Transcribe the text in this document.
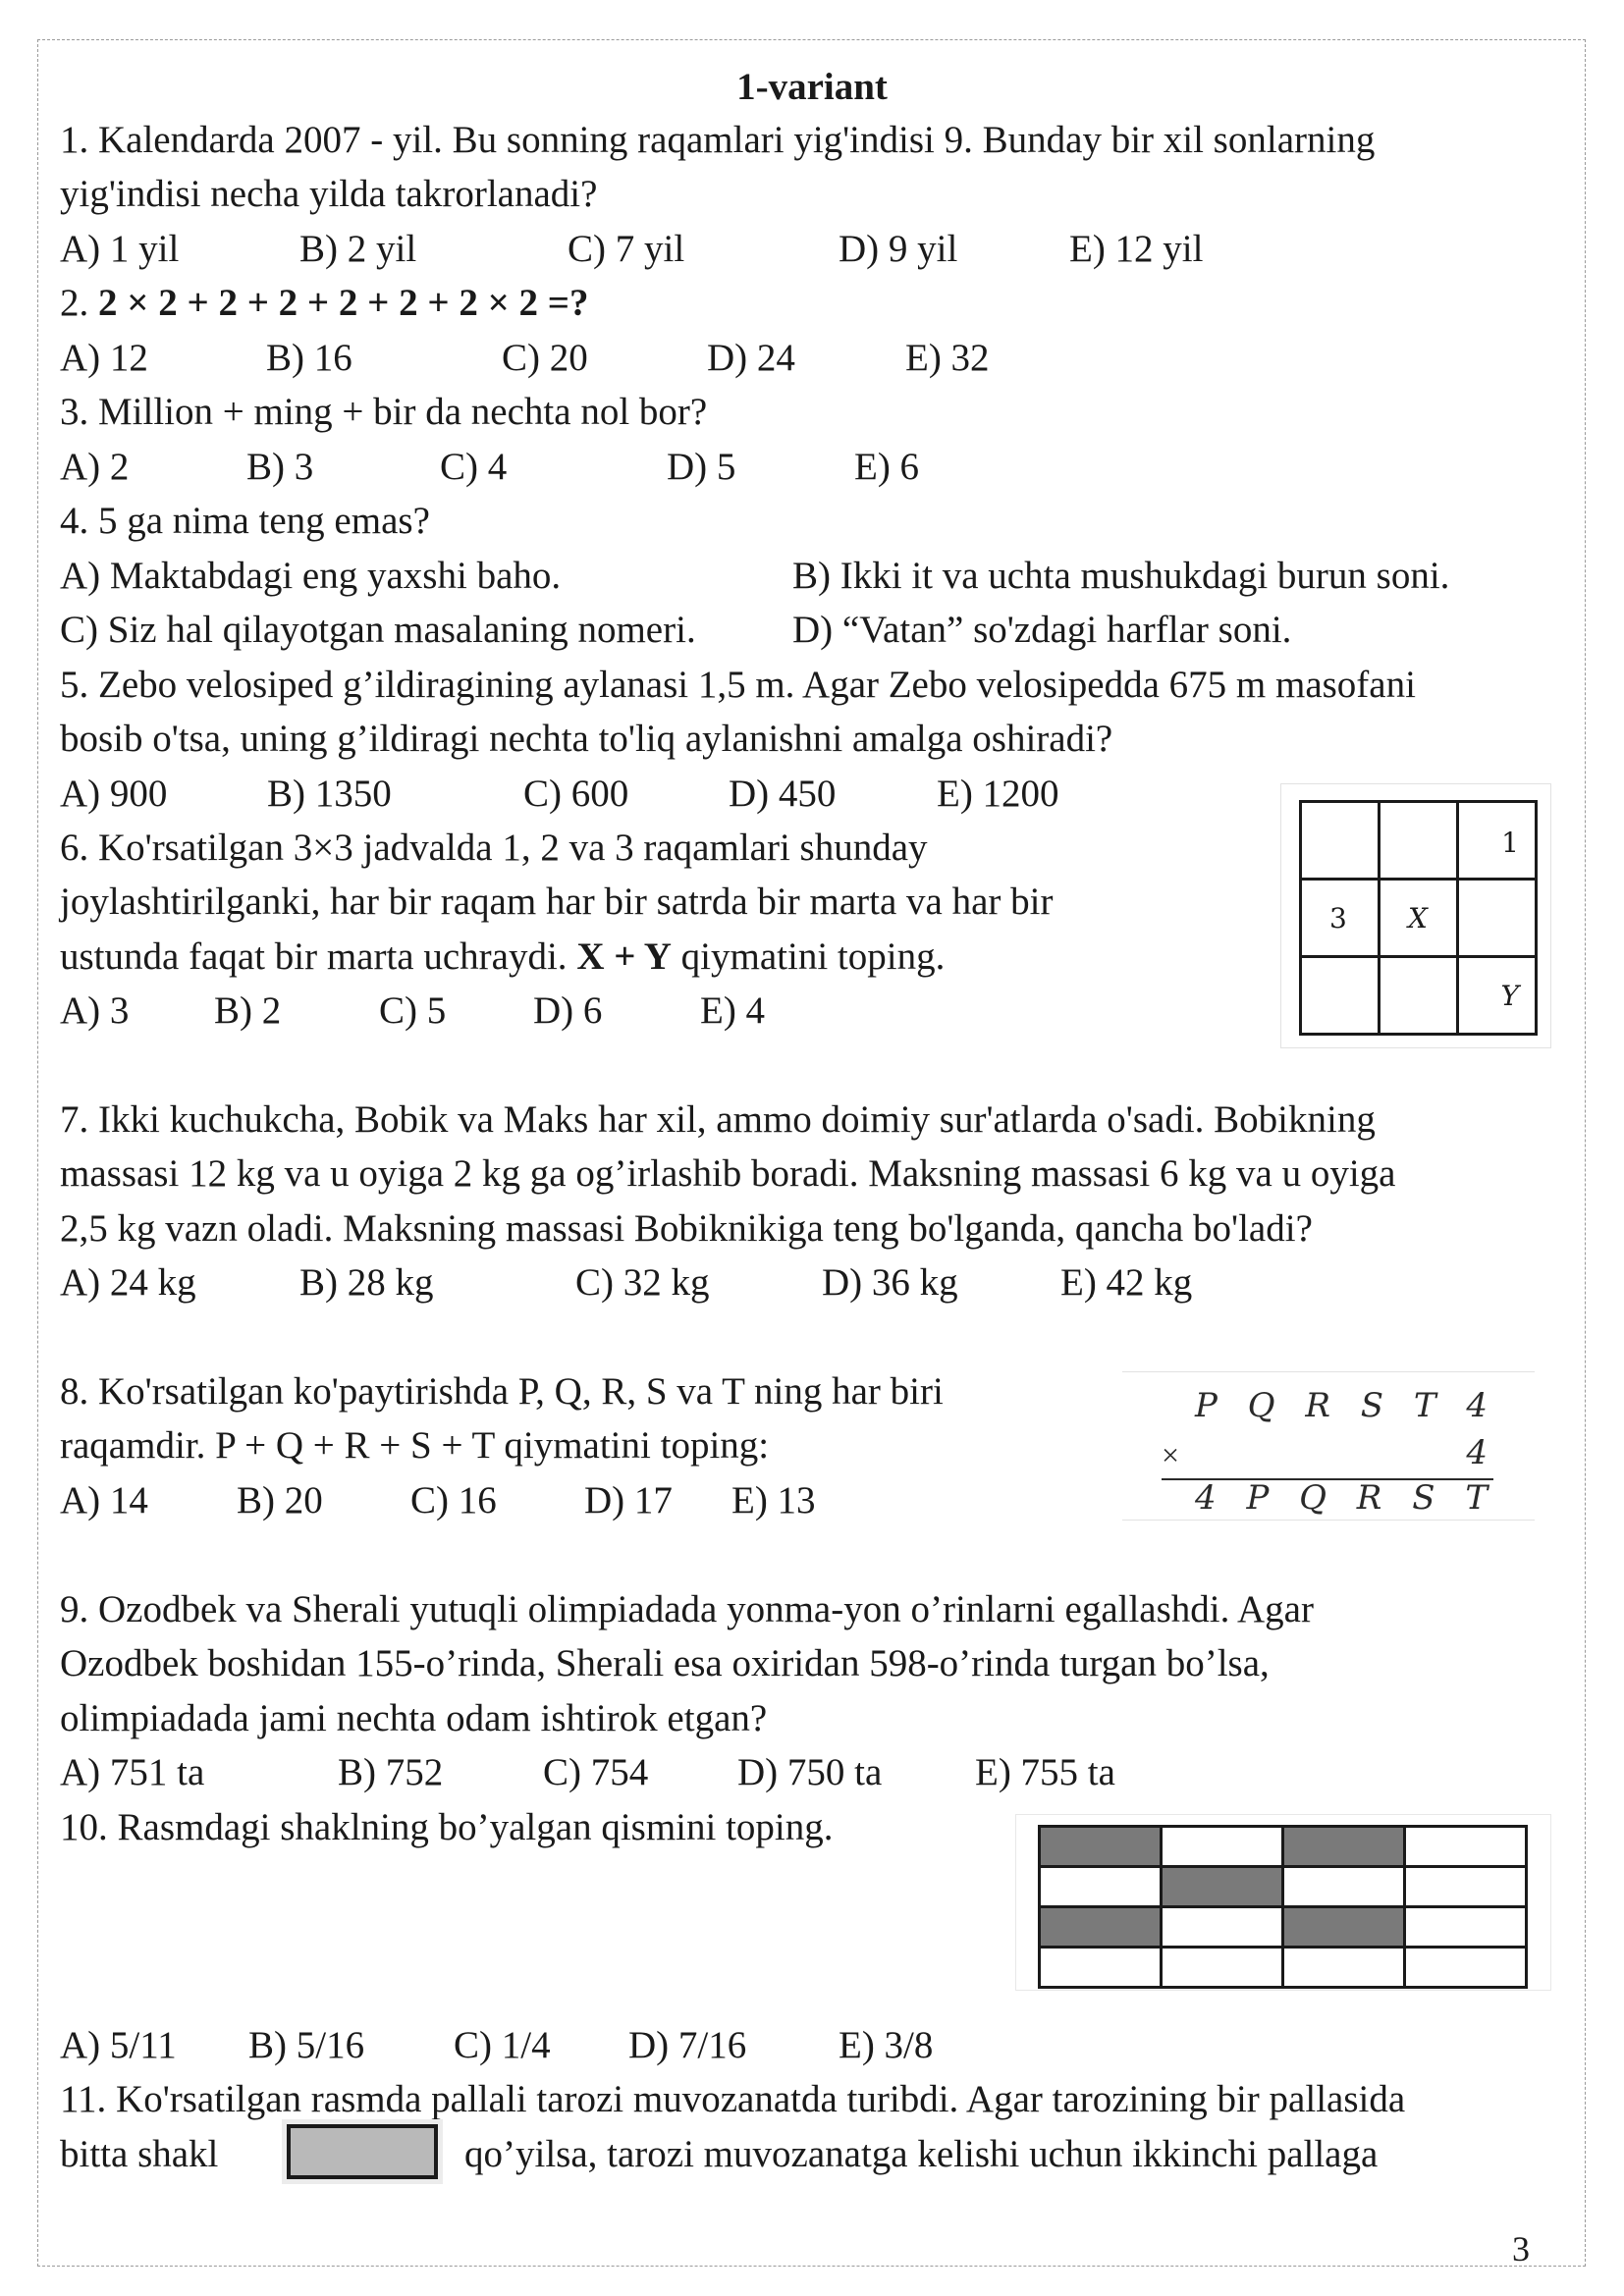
1-variant
1. Kalendarda 2007 - yil. Bu sonning raqamlari yig'indisi 9. Bunday bir xil sonlarning
yig'indisi necha yilda takrorlanadi?
A) 1 yil	B) 2 yil	C) 7 yil	D) 9 yil	E) 12 yil
2. 2 × 2 + 2 + 2 + 2 + 2 + 2 × 2 =?
A) 12	B) 16	C) 20	D) 24	E) 32
3. Million + ming + bir da nechta nol bor?
A) 2	B) 3	C) 4	D) 5	E) 6
4. 5 ga nima teng emas?
A) Maktabdagi eng yaxshi baho.	B) Ikki it va uchta mushukdagi burun soni.
C) Siz hal qilayotgan masalaning nomeri.	D) “Vatan” so'zdagi harflar soni.
5. Zebo velosiped g’ildiragining aylanasi 1,5 m. Agar Zebo velosipedda 675 m masofani
bosib o'tsa, uning g’ildiragi nechta to'liq aylanishni amalga oshiradi?
A) 900	B) 1350	C) 600	D) 450	E) 1200
6. Ko'rsatilgan 3×3 jadvalda 1, 2 va 3 raqamlari shunday
joylashtirilganki, har bir raqam har bir satrda bir marta va har bir
ustunda faqat bir marta uchraydi. X + Y qiymatini toping.
A) 3 B) 2	C) 5 D) 6	E) 4

		1

3	X	

		Y
7. Ikki kuchukcha, Bobik va Maks har xil, ammo doimiy sur'atlarda o'sadi. Bobikning
massasi 12 kg va u oyiga 2 kg ga og’irlashib boradi. Maksning massasi 6 kg va u oyiga
2,5 kg vazn oladi. Maksning massasi Bobiknikiga teng bo'lganda, qancha bo'ladi?
A) 24 kg	B) 28 kg	C) 32 kg	D) 36 kg	E) 42 kg
8. Ko'rsatilgan ko'paytirishda P, Q, R, S va T ning har biri
raqamdir. P + Q + R + S + T qiymatini toping:
A) 14 B) 20 C) 16 D) 17 E) 13
P Q R S T 4
×	4
4 P Q R S T
9. Ozodbek va Sherali yutuqli olimpiadada yonma-yon o’rinlarni egallashdi. Agar
Ozodbek boshidan 155-o’rinda, Sherali esa oxiridan 598-o’rinda turgan bo’lsa,
olimpiadada jami nechta odam ishtirok etgan?
A) 751 ta	B) 752	C) 754 D) 750 ta E) 755 ta
10. Rasmdagi shaklning bo’yalgan qismini toping.

A) 5/11 B) 5/16 C) 1/4 D) 7/16 E) 3/8
11. Ko'rsatilgan rasmda pallali tarozi muvozanatda turibdi. Agar tarozining bir pallasida
bitta shakl	qo’yilsa, tarozi muvozanatga kelishi uchun ikkinchi pallaga
3
